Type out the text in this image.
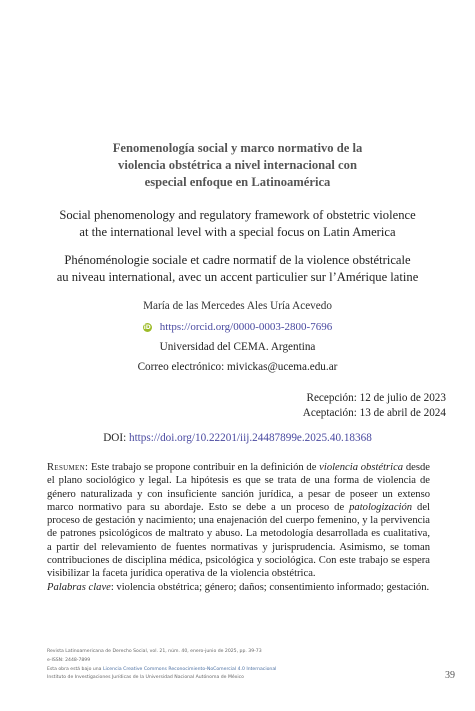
Fenomenología social y marco normativo de la
violencia obstétrica a nivel internacional con
especial enfoque en Latinoamérica
Social phenomenology and regulatory framework of obstetric violence
at the international level with a special focus on Latin America
Phénoménologie sociale et cadre normatif de la violence obstétricale
au niveau international, avec un accent particulier sur l’Amérique latine
María de las Mercedes Ales Uría Acevedo
iD https://orcid.org/0000-0003-2800-7696
Universidad del CEMA. Argentina
Correo electrónico: mivickas@ucema.edu.ar
Recepción: 12 de julio de 2023
Aceptación: 13 de abril de 2024
DOI: https://doi.org/10.22201/iij.24487899e.2025.40.18368
Resumen: Este trabajo se propone contribuir en la definición de violencia obstétrica desde el plano sociológico y legal. La hipótesis es que se trata de una forma de violencia de género naturalizada y con insuficiente sanción jurídica, a pesar de poseer un extenso marco normativo para su abordaje. Esto se debe a un proceso de patologización del proceso de gestación y nacimiento; una enajenación del cuerpo femenino, y la pervivencia de patrones psicológicos de maltrato y abuso. La metodología desarrollada es cualitativa, a partir del relevamiento de fuentes normativas y jurisprudencia. Asimismo, se toman contribuciones de disciplina médica, psicológica y sociológica. Con este trabajo se espera visibilizar la faceta jurídica operativa de la violencia obstétrica.
Palabras clave: violencia obstétrica; género; daños; consentimiento informado; gestación.
Revista Latinoamericana de Derecho Social, vol. 21, núm. 40, enero-junio de 2025, pp. 39-73
e-ISSN: 2448-7899
Esta obra está bajo una Licencia Creative Commons Reconocimiento-NoComercial 4.0 Internacional
Instituto de Investigaciones Jurídicas de la Universidad Nacional Autónoma de México	39
